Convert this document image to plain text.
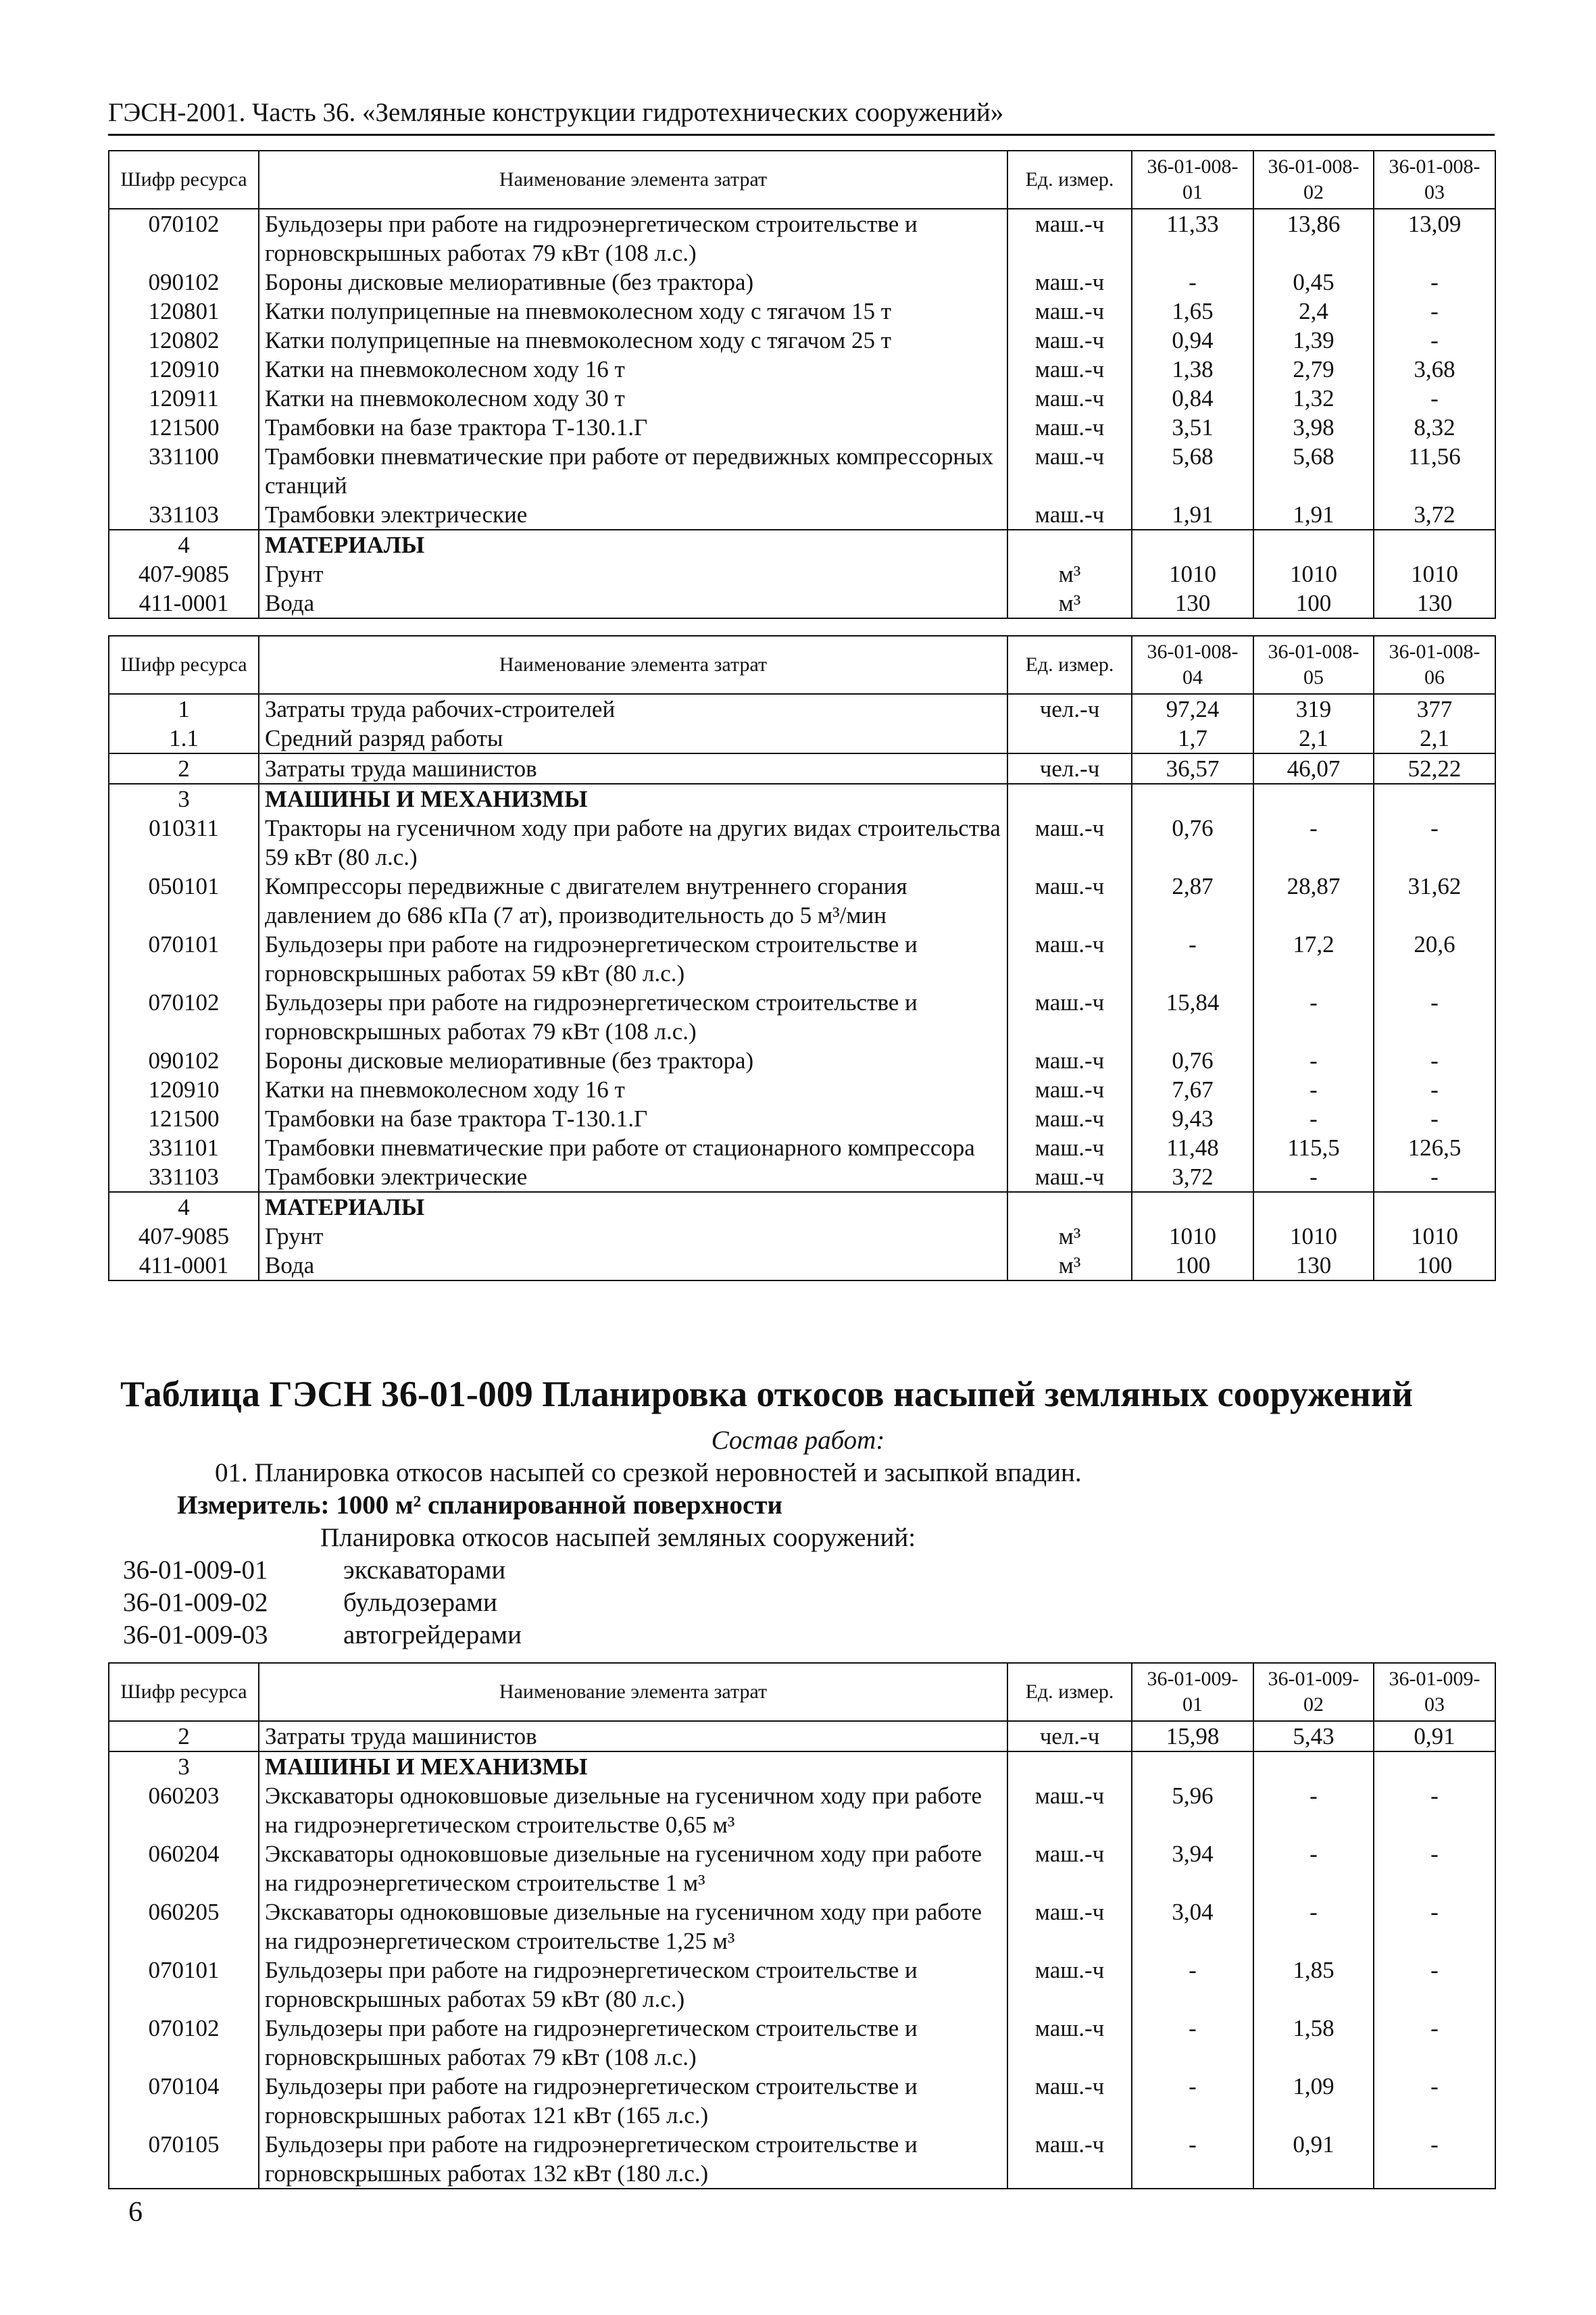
ГЭСН-2001. Часть 36. «Земляные конструкции гидротехнических сооружений»
Шифр ресурса	Наименование элемента затрат	Ед. измер.	36-01-008-01	36-01-008-02	36-01-008-03
070102	Бульдозеры при работе на гидроэнергетическом строительстве и горновскрышных работах 79 кВт (108 л.с.)	маш.-ч	11,33	13,86	13,09
090102	Бороны дисковые мелиоративные (без трактора)	маш.-ч	-	0,45	-
120801	Катки полуприцепные на пневмоколесном ходу с тягачом 15 т	маш.-ч	1,65	2,4	-
120802	Катки полуприцепные на пневмоколесном ходу с тягачом 25 т	маш.-ч	0,94	1,39	-
120910	Катки на пневмоколесном ходу 16 т	маш.-ч	1,38	2,79	3,68
120911	Катки на пневмоколесном ходу 30 т	маш.-ч	0,84	1,32	-
121500	Трамбовки на базе трактора Т-130.1.Г	маш.-ч	3,51	3,98	8,32
331100	Трамбовки пневматические при работе от передвижных компрессорных станций	маш.-ч	5,68	5,68	11,56
331103	Трамбовки электрические	маш.-ч	1,91	1,91	3,72
4	МАТЕРИАЛЫ				
407-9085	Грунт	м³	1010	1010	1010
411-0001	Вода	м³	130	100	130
Шифр ресурса	Наименование элемента затрат	Ед. измер.	36-01-008-04	36-01-008-05	36-01-008-06
1	Затраты труда рабочих-строителей	чел.-ч	97,24	319	377
1.1	Средний разряд работы		1,7	2,1	2,1
2	Затраты труда машинистов	чел.-ч	36,57	46,07	52,22
3	МАШИНЫ И МЕХАНИЗМЫ				
010311	Тракторы на гусеничном ходу при работе на других видах строительства 59 кВт (80 л.с.)	маш.-ч	0,76	-	-
050101	Компрессоры передвижные с двигателем внутреннего сгорания давлением до 686 кПа (7 ат), производительность до 5 м³/мин	маш.-ч	2,87	28,87	31,62
070101	Бульдозеры при работе на гидроэнергетическом строительстве и горновскрышных работах 59 кВт (80 л.с.)	маш.-ч	-	17,2	20,6
070102	Бульдозеры при работе на гидроэнергетическом строительстве и горновскрышных работах 79 кВт (108 л.с.)	маш.-ч	15,84	-	-
090102	Бороны дисковые мелиоративные (без трактора)	маш.-ч	0,76	-	-
120910	Катки на пневмоколесном ходу 16 т	маш.-ч	7,67	-	-
121500	Трамбовки на базе трактора Т-130.1.Г	маш.-ч	9,43	-	-
331101	Трамбовки пневматические при работе от стационарного компрессора	маш.-ч	11,48	115,5	126,5
331103	Трамбовки электрические	маш.-ч	3,72	-	-
4	МАТЕРИАЛЫ				
407-9085	Грунт	м³	1010	1010	1010
411-0001	Вода	м³	100	130	100
Таблица ГЭСН 36-01-009 Планировка откосов насыпей земляных сооружений
Состав работ:
01. Планировка откосов насыпей со срезкой неровностей и засыпкой впадин.
Измеритель: 1000 м² спланированной поверхности
Планировка откосов насыпей земляных сооружений:
36-01-009-01	экскаваторами
36-01-009-02	бульдозерами
36-01-009-03	автогрейдерами
Шифр ресурса	Наименование элемента затрат	Ед. измер.	36-01-009-01	36-01-009-02	36-01-009-03
2	Затраты труда машинистов	чел.-ч	15,98	5,43	0,91
3	МАШИНЫ И МЕХАНИЗМЫ				
060203	Экскаваторы одноковшовые дизельные на гусеничном ходу при работе на гидроэнергетическом строительстве 0,65 м³	маш.-ч	5,96	-	-
060204	Экскаваторы одноковшовые дизельные на гусеничном ходу при работе на гидроэнергетическом строительстве 1 м³	маш.-ч	3,94	-	-
060205	Экскаваторы одноковшовые дизельные на гусеничном ходу при работе на гидроэнергетическом строительстве 1,25 м³	маш.-ч	3,04	-	-
070101	Бульдозеры при работе на гидроэнергетическом строительстве и горновскрышных работах 59 кВт (80 л.с.)	маш.-ч	-	1,85	-
070102	Бульдозеры при работе на гидроэнергетическом строительстве и горновскрышных работах 79 кВт (108 л.с.)	маш.-ч	-	1,58	-
070104	Бульдозеры при работе на гидроэнергетическом строительстве и горновскрышных работах 121 кВт (165 л.с.)	маш.-ч	-	1,09	-
070105	Бульдозеры при работе на гидроэнергетическом строительстве и горновскрышных работах 132 кВт (180 л.с.)	маш.-ч	-	0,91	-
6
